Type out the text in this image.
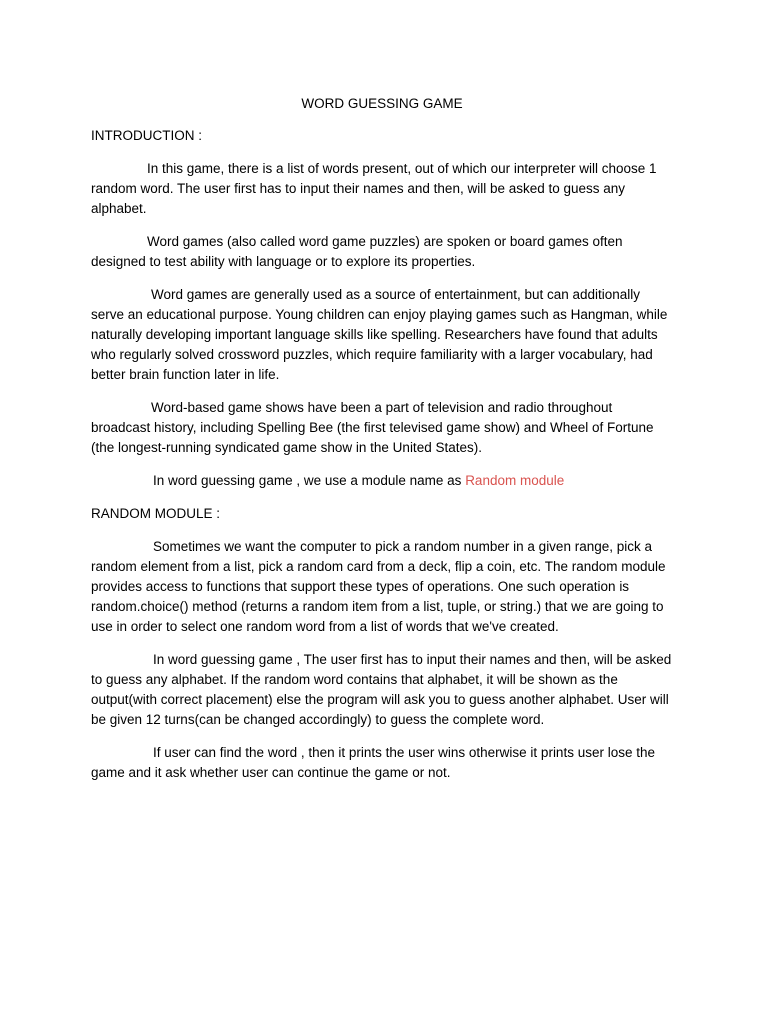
WORD GUESSING GAME
INTRODUCTION :

In this game, there is a list of words present, out of which our interpreter will choose 1 random word. The user first has to input their names and then, will be asked to guess any alphabet.

Word games (also called word game puzzles) are spoken or board games often designed to test ability with language or to explore its properties.

Word games are generally used as a source of entertainment, but can additionally serve an educational purpose. Young children can enjoy playing games such as Hangman, while naturally developing important language skills like spelling. Researchers have found that adults who regularly solved crossword puzzles, which require familiarity with a larger vocabulary, had better brain function later in life.

Word-based game shows have been a part of television and radio throughout broadcast history, including Spelling Bee (the first televised game show) and Wheel of Fortune (the longest-running syndicated game show in the United States).

In word guessing game , we use a module name as Random module

RANDOM MODULE :

Sometimes we want the computer to pick a random number in a given range, pick a random element from a list, pick a random card from a deck, flip a coin, etc. The random module provides access to functions that support these types of operations. One such operation is random.choice() method (returns a random item from a list, tuple, or string.) that we are going to use in order to select one random word from a list of words that we've created.

In word guessing game , The user first has to input their names and then, will be asked to guess any alphabet. If the random word contains that alphabet, it will be shown as the output(with correct placement) else the program will ask you to guess another alphabet. User will be given 12 turns(can be changed accordingly) to guess the complete word.

If user can find the word , then it prints the user wins otherwise it prints user lose the game and it ask whether user can continue the game or not.
